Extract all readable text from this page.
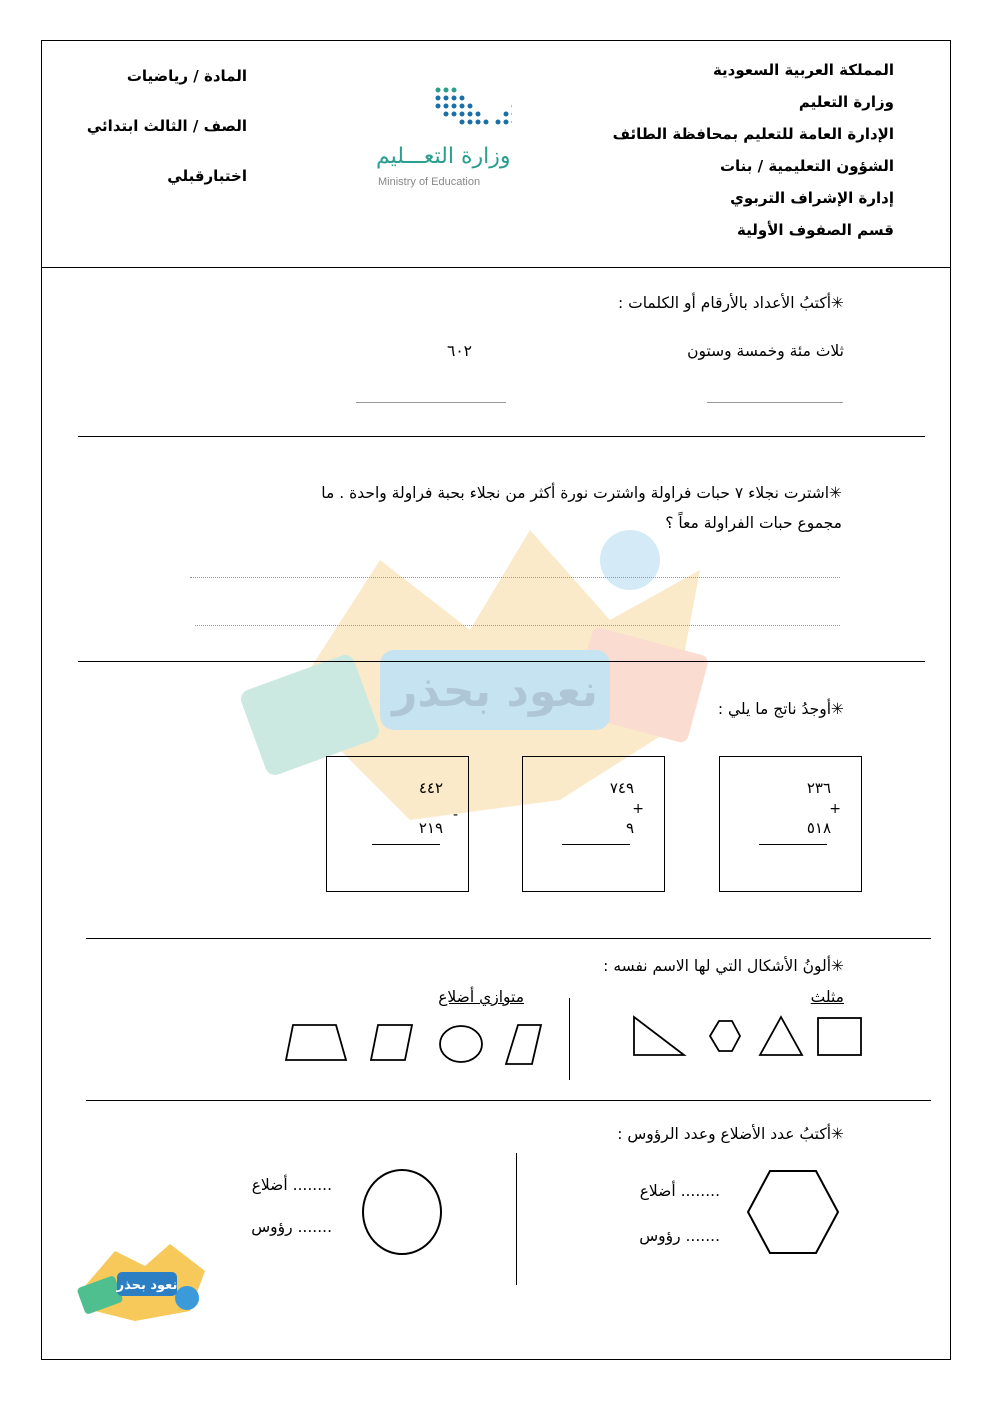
المملكة العربية السعودية
وزارة التعليم
الإدارة العامة للتعليم بمحافظة الطائف
الشؤون التعليمية / بنات
إدارة الإشراف التربوي
قسم الصفوف الأولية
المادة / رياضيات
الصف / الثالث ابتدائي
اختبارقبلي
وزارة التعـــليم
Ministry of Education
نعود بحذر
✳أكتبُ الأعداد بالأرقام أو الكلمات :
ثلاث مئة وخمسة وستون
٦٠٢
✳اشترت نجلاء ٧ حبات فراولة واشترت نورة أكثر من نجلاء بحبة فراولة واحدة . ما
مجموع حبات الفراولة معاً ؟
✳أوجدُ ناتج ما يلي :
٢٣٦
+
٥١٨
٧٤٩
+
٩
٤٤٢
-
٢١٩
✳ألونُ الأشكال التي لها الاسم نفسه :
مثلث
متوازي أضلاع
✳أكتبُ عدد الأضلاع وعدد الرؤوس :
........ أضلاع
....... رؤوس
........ أضلاع
....... رؤوس
نعود بحذر
